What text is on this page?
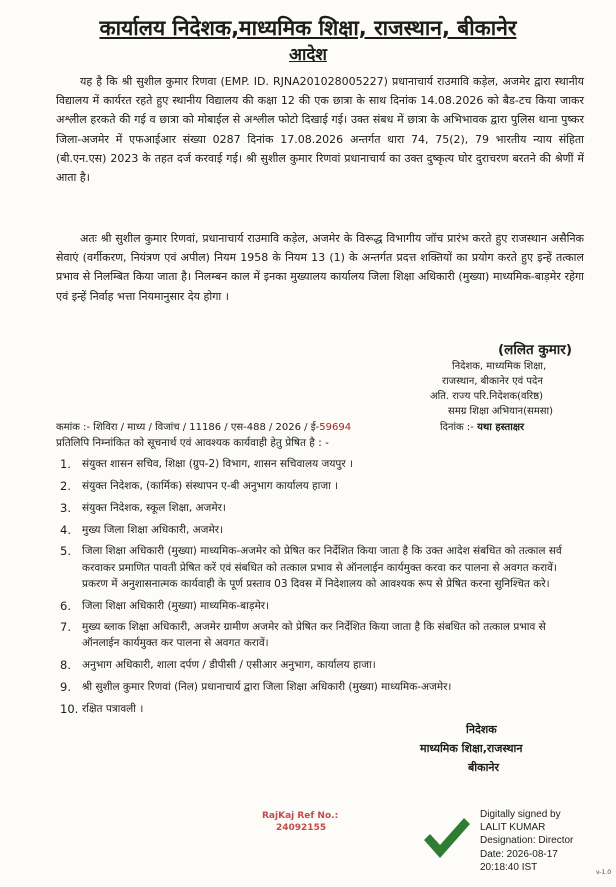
कार्यालय निदेशक,माध्यमिक शिक्षा, राजस्थान, बीकानेर
आदेश

यह है कि श्री सुशील कुमार रिणवा (EMP. ID. RJNA201028005227) प्रधानाचार्य राउमावि कड़ेल, अजमेर द्वारा स्थानीय विद्यालय में कार्यरत रहते हुए स्थानीय विद्यालय की कक्षा 12 की एक छात्रा के साथ दिनांक 14.08.2026 को बैड-टच किया जाकर अश्लील हरकते की गई व छात्रा को मोबाईल से अश्लील फोटो दिखाई गई। उक्त संबध में छात्रा के अभिभावक द्वारा पुलिस थाना पुष्कर जिला-अजमेर में एफआईआर संख्या 0287 दिनांक 17.08.2026 अन्तर्गत धारा 74, 75(2), 79 भारतीय न्याय संहिता (बी.एन.एस) 2023 के तहत दर्ज करवाई गई। श्री सुशील कुमार रिणवां प्रधानाचार्य का उक्त दुष्कृत्य घोर दुराचरण बरतने की श्रेणीं में आता है।

अतः श्री सुशील कुमार रिणवां, प्रधानाचार्य राउमावि कड़ेल, अजमेर के विरूद्ध विभागीय जॉच प्रारंभ करते हुए राजस्थान असैनिक सेवाएं (वर्गीकरण, नियंत्रण एवं अपील) नियम 1958 के नियम 13 (1) के अन्तर्गत प्रदत्त शक्तियों का प्रयोग करते हुए इन्हें तत्काल प्रभाव से निलम्बित किया जाता है। निलम्बन काल में इनका मुख्यालय कार्यालय जिला शिक्षा अधिकारी (मुख्या) माध्यमिक-बाड़मेर रहेगा एवं इन्हें निर्वाह भत्ता नियमानुसार देय होगा ।

(ललित कुमार)
निदेशक, माध्यमिक शिक्षा,
राजस्थान, बीकानेर एवं पदेन
अति. राज्य परि.निदेशक(वरिष्ठ)
समग्र शिक्षा अभियान(समसा)
कमांक :- शिविरा / माध्य / विजांच / 11186 / एस-488 / 2026 / ई-59694	दिनांक :- यथा हस्ताक्षर
प्रतिलिपि निम्नांकित को सूचनार्थ एवं आवश्यक कार्यवाही हेतु प्रेषित है : -
1. संयुक्त शासन सचिव, शिक्षा (ग्रुप-2) विभाग, शासन सचिवालय जयपुर ।
2. संयुक्त निदेशक, (कार्मिक) संस्थापन ए-बी अनुभाग कार्यालय हाजा ।
3. संयुक्त निदेशक, स्कूल शिक्षा, अजमेर।
4. मुख्य जिला शिक्षा अधिकारी, अजमेर।
5. जिला शिक्षा अधिकारी (मुख्या) माध्यमिक-अजमेर को प्रेषित कर निर्देशित किया जाता है कि उक्त आदेश संबधित को तत्काल सर्व करवाकर प्रमाणित पावती प्रेषित करें एवं संबधित को तत्काल प्रभाव से ऑनलाईन कार्यमुक्त करवा कर पालना से अवगत करावें। प्रकरण में अनुशासनात्मक कार्यवाही के पूर्ण प्रस्ताव 03 दिवस में निदेशालय को आवश्यक रूप से प्रेषित करना सुनिश्चित करे।
6. जिला शिक्षा अधिकारी (मुख्या) माध्यमिक-बाड़मेर।
7. मुख्य ब्लाक शिक्षा अधिकारी, अजमेर ग्रामीण अजमेर को प्रेषित कर निर्देशित किया जाता है कि संबधित को तत्काल प्रभाव से ऑनलाईन कार्यमुक्त कर पालना से अवगत करावें।
8. अनुभाग अधिकारी, शाला दर्पण / डीपीसी / एसीआर अनुभाग, कार्यालय हाजा।
9. श्री सुशील कुमार रिणवां (निल) प्रधानाचार्य द्वारा जिला शिक्षा अधिकारी (मुख्या) माध्यमिक-अजमेर।
10. रक्षित पत्रावली ।
निदेशक
माध्यमिक शिक्षा,राजस्थान
बीकानेर
RajKaj Ref No.:
24092155
Digitally signed by
LALIT KUMAR
Designation: Director
Date: 2026-08-17
20:18:40 IST	v-1.0
